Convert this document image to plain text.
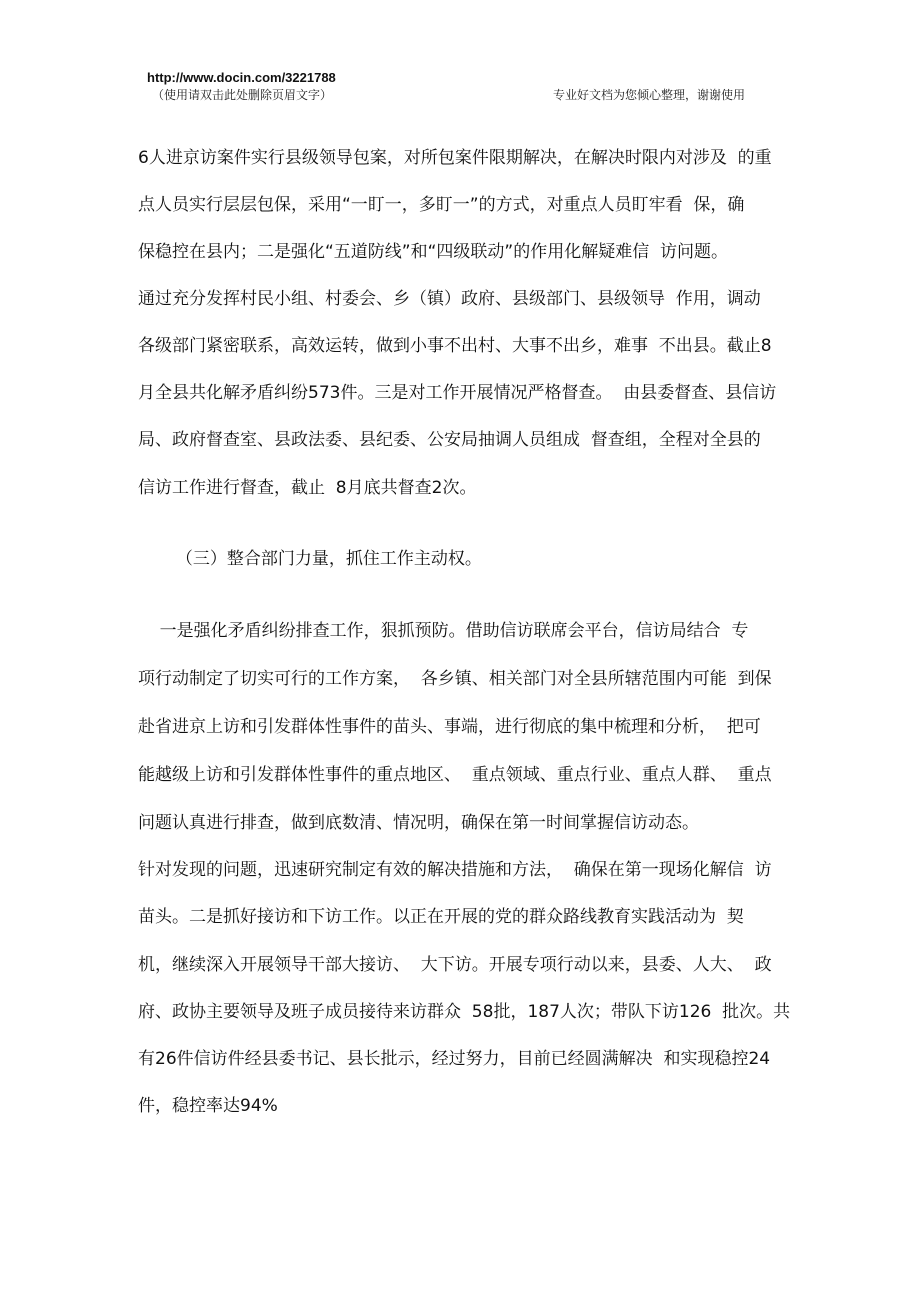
http://www.docin.com/3221788
（使用请双击此处删除页眉文字）	专业好文档为您倾心整理，谢谢使用
6人进京访案件实行县级领导包案，对所包案件限期解决，在解决时限内对涉及  的重
点人员实行层层包保，采用“一盯一，多盯一”的方式，对重点人员盯牢看  保，确
保稳控在县内；二是强化“五道防线”和“四级联动”的作用化解疑难信  访问题。
通过充分发挥村民小组、村委会、乡（镇）政府、县级部门、县级领导  作用，调动
各级部门紧密联系，高效运转，做到小事不出村、大事不出乡，难事  不出县。截止8
月全县共化解矛盾纠纷573件。三是对工作开展情况严格督查。  由县委督查、县信访
局、政府督查室、县政法委、县纪委、公安局抽调人员组成  督查组，全程对全县的
信访工作进行督查，截止  8月底共督查2次。
（三）整合部门力量，抓住工作主动权。
一是强化矛盾纠纷排查工作，狠抓预防。借助信访联席会平台，信访局结合  专
项行动制定了切实可行的工作方案，  各乡镇、相关部门对全县所辖范围内可能  到保
赴省进京上访和引发群体性事件的苗头、事端，进行彻底的集中梳理和分析，  把可
能越级上访和引发群体性事件的重点地区、  重点领域、重点行业、重点人群、  重点
问题认真进行排查，做到底数清、情况明，确保在第一时间掌握信访动态。
针对发现的问题，迅速研究制定有效的解决措施和方法，  确保在第一现场化解信  访
苗头。二是抓好接访和下访工作。以正在开展的党的群众路线教育实践活动为  契
机，继续深入开展领导干部大接访、  大下访。开展专项行动以来，县委、人大、  政
府、政协主要领导及班子成员接待来访群众  58批，187人次；带队下访126  批次。共
有26件信访件经县委书记、县长批示，经过努力，目前已经圆满解决  和实现稳控24
件，稳控率达94%
